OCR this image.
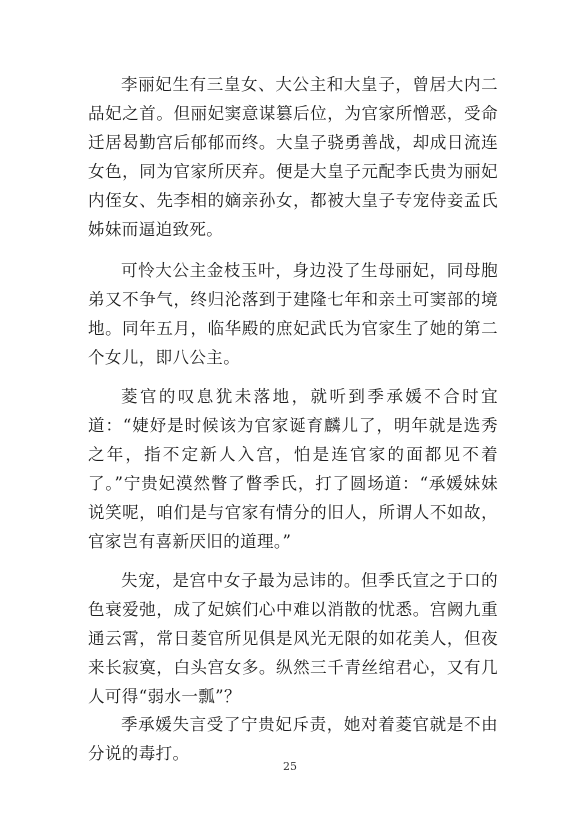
李丽妃生有三皇女、大公主和大皇子，曾居大内二品妃之首。但丽妃窦意谋篡后位，为官家所憎恶，受命迁居曷勤宫后郁郁而终。大皇子骁勇善战，却成日流连女色，同为官家所厌弃。便是大皇子元配李氏贵为丽妃内侄女、先李相的嫡亲孙女，都被大皇子专宠侍妾孟氏姊妹而逼迫致死。

可怜大公主金枝玉叶，身边没了生母丽妃，同母胞弟又不争气，终归沦落到于建隆七年和亲土可窦部的境地。同年五月，临华殿的庶妃武氏为官家生了她的第二个女儿，即八公主。

菱官的叹息犹未落地，就听到季承媛不合时宜道：“婕妤是时候该为官家诞育麟儿了，明年就是选秀之年，指不定新人入宫，怕是连官家的面都见不着了。”宁贵妃漠然瞥了瞥季氏，打了圆场道：“承媛妹妹说笑呢，咱们是与官家有情分的旧人，所谓人不如故，官家岂有喜新厌旧的道理。”

失宠，是宫中女子最为忌讳的。但季氏宣之于口的色衰爱弛，成了妃嫔们心中难以消散的忧悉。宫阙九重通云霄，常日菱官所见俱是风光无限的如花美人，但夜来长寂寞，白头宫女多。纵然三千青丝绾君心，又有几人可得“弱水一瓢”？

季承媛失言受了宁贵妃斥责，她对着菱官就是不由分说的毒打。

25
